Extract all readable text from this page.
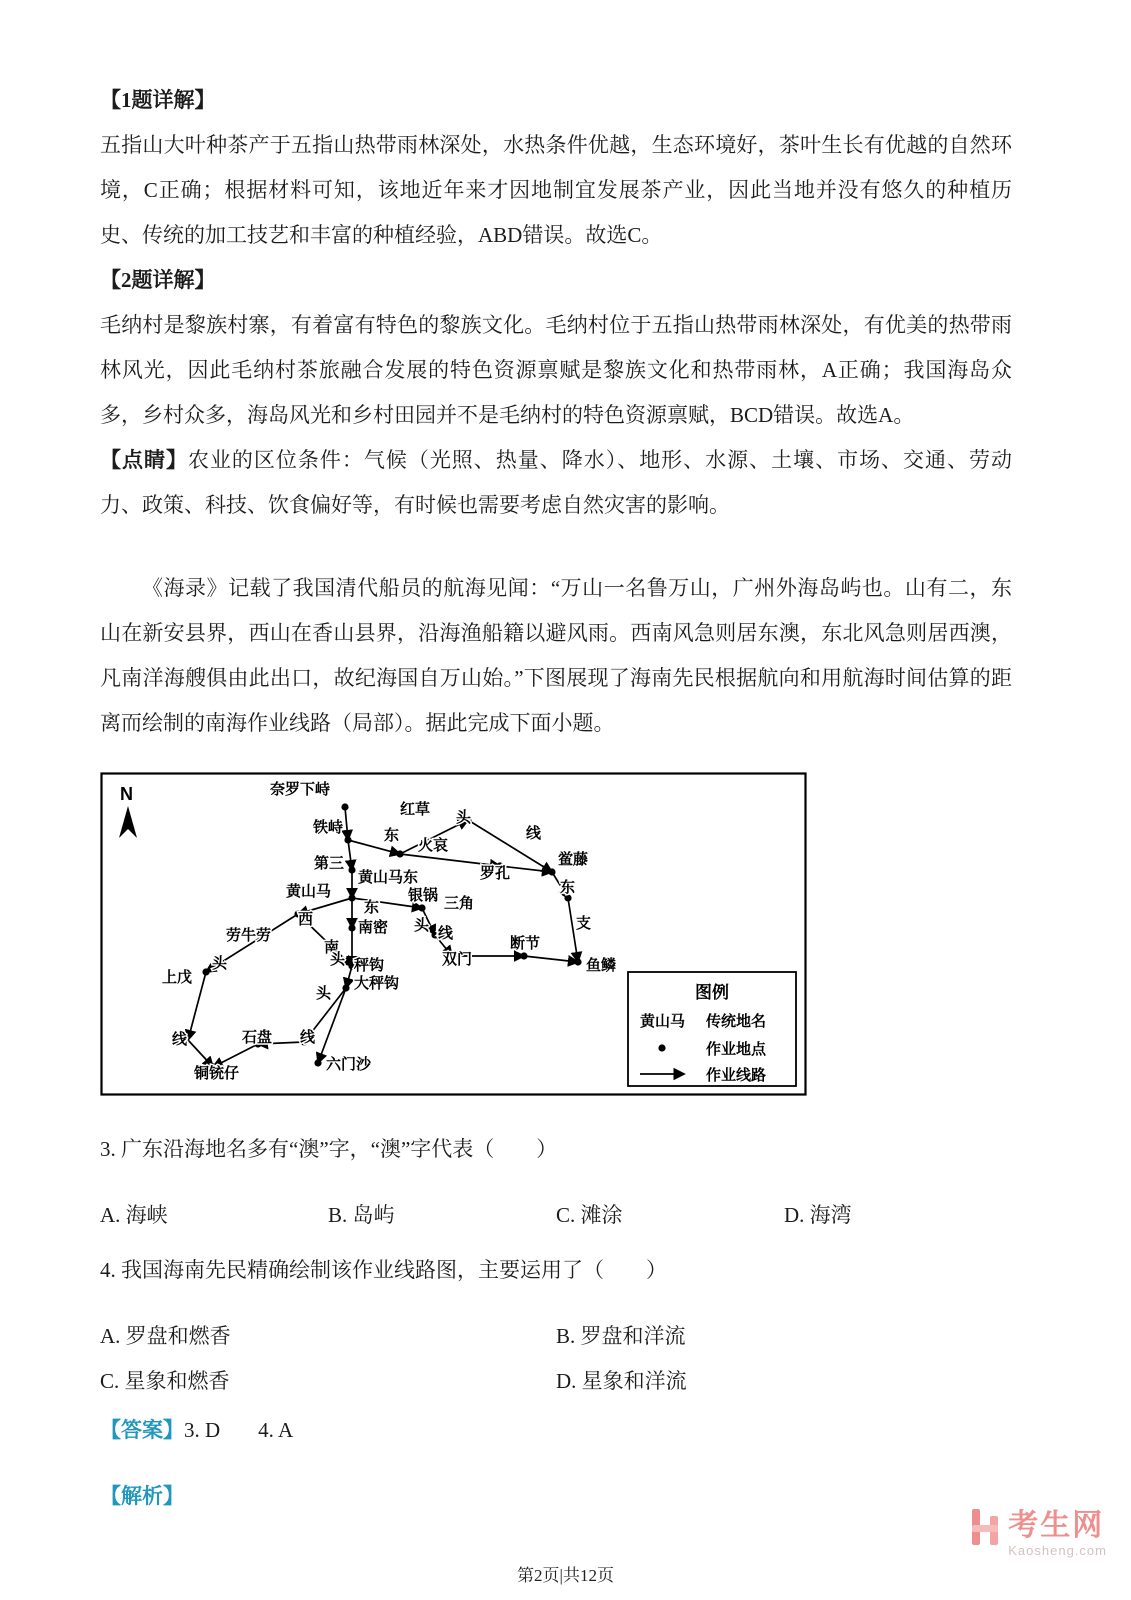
【1题详解】

五指山大叶种茶产于五指山热带雨林深处，水热条件优越，生态环境好，茶叶生长有优越的自然环境，C正确；根据材料可知，该地近年来才因地制宜发展茶产业，因此当地并没有悠久的种植历史、传统的加工技艺和丰富的种植经验，ABD错误。故选C。

【2题详解】

毛纳村是黎族村寨，有着富有特色的黎族文化。毛纳村位于五指山热带雨林深处，有优美的热带雨林风光，因此毛纳村茶旅融合发展的特色资源禀赋是黎族文化和热带雨林，A正确；我国海岛众多，乡村众多，海岛风光和乡村田园并不是毛纳村的特色资源禀赋，BCD错误。故选A。

【点睛】农业的区位条件：气候（光照、热量、降水）、地形、水源、土壤、市场、交通、劳动力、政策、科技、饮食偏好等，有时候也需要考虑自然灾害的影响。

《海录》记载了我国清代船员的航海见闻：“万山一名鲁万山，广州外海岛屿也。山有二，东山在新安县界，西山在香山县界，沿海渔船籍以避风雨。西南风急则居东澳，东北风急则居西澳，凡南洋海艘俱由此出口，故纪海国自万山始。”下图展现了海南先民根据航向和用航海时间估算的距离而绘制的南海作业线路（局部）。据此完成下面小题。

N	奈罗下峙
红草 头
铁峙	东
火哀
线
鲎藤
第三
黄山马东	罗孔
东
黄山马	银锅 三角
东
西	南密 头 线
断节
支
劳牛劳
南
头 秤钩	双门	鱼鳞
头
上戊	大秤钩
头
石盘 线
线
铜铳仔
六门沙
图例
黄山马 传统地名
作业地点
作业线路

3. 广东沿海地名多有“澳”字，“澳”字代表（　　）

A. 海峡	B. 岛屿	C. 滩涂	D. 海湾

4. 我国海南先民精确绘制该作业线路图，主要运用了（　　）

A. 罗盘和燃香	B. 罗盘和洋流
C. 星象和燃香	D. 星象和洋流

【答案】3. D 4. A

【解析】

考生网
Kaosheng.com
第2页|共12页
